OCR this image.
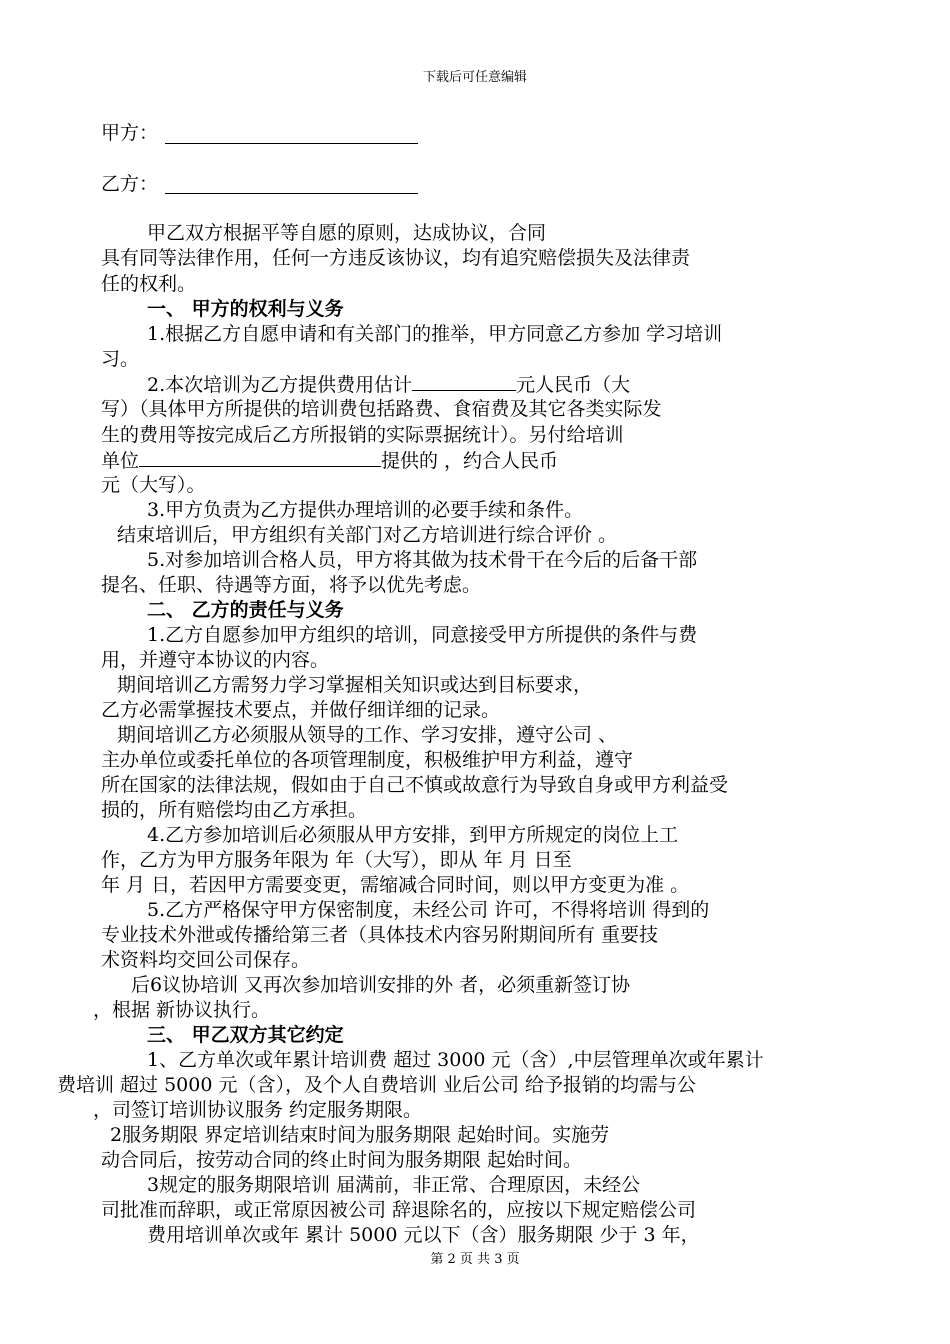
下载后可任意编辑
甲方：
乙方：
甲乙双方根据平等自愿的原则，达成协议，合同
具有同等法律作用，任何一方违反该协议，均有追究赔偿损失及法律责
任的权利。
一、 甲方的权利与义务
1.根据乙方自愿申请和有关部门的推举，甲方同意乙方参加 学习培训
习。
2.本次培训为乙方提供费用估计	元人民币（大
写）（具体甲方所提供的培训费包括路费、食宿费及其它各类实际发
生的费用等按完成后乙方所报销的实际票据统计）。另付给培训
单位	提供的 ，约合人民币
元（大写）。
3.甲方负责为乙方提供办理培训的必要手续和条件。
结束培训后，甲方组织有关部门对乙方培训进行综合评价 。
5.对参加培训合格人员，甲方将其做为技术骨干在今后的后备干部
提名、任职、待遇等方面，将予以优先考虑。
二、 乙方的责任与义务
1.乙方自愿参加甲方组织的培训，同意接受甲方所提供的条件与费
用，并遵守本协议的内容。
期间培训乙方需努力学习掌握相关知识或达到目标要求，
乙方必需掌握技术要点，并做仔细详细的记录。
期间培训乙方必须服从领导的工作、学习安排，遵守公司 、
主办单位或委托单位的各项管理制度，积极维护甲方利益，遵守
所在国家的法律法规，假如由于自己不慎或故意行为导致自身或甲方利益受
损的，所有赔偿均由乙方承担。
4.乙方参加培训后必须服从甲方安排，到甲方所规定的岗位上工
作，乙方为甲方服务年限为 年（大写），即从 年 月 日至
年 月 日，若因甲方需要变更，需缩减合同时间，则以甲方变更为准 。
5.乙方严格保守甲方保密制度，未经公司 许可，不得将培训 得到的
专业技术外泄或传播给第三者（具体技术内容另附期间所有 重要技
术资料均交回公司保存。
后6议协培训 又再次参加培训安排的外 者，必须重新签订协
，根据 新协议执行。
三、 甲乙双方其它约定
1、乙方单次或年累计培训费 超过 3000 元（含）,中层管理单次或年累计
费培训 超过 5000 元（含），及个人自费培训 业后公司 给予报销的均需与公
，司签订培训协议服务 约定服务期限。
2服务期限 界定培训结束时间为服务期限 起始时间。实施劳
动合同后，按劳动合同的终止时间为服务期限 起始时间。
3规定的服务期限培训 届满前，非正常、合理原因，未经公
司批准而辞职，或正常原因被公司 辞退除名的，应按以下规定赔偿公司
费用培训单次或年 累计 5000 元以下（含）服务期限 少于 3 年，
第 2 页 共 3 页
